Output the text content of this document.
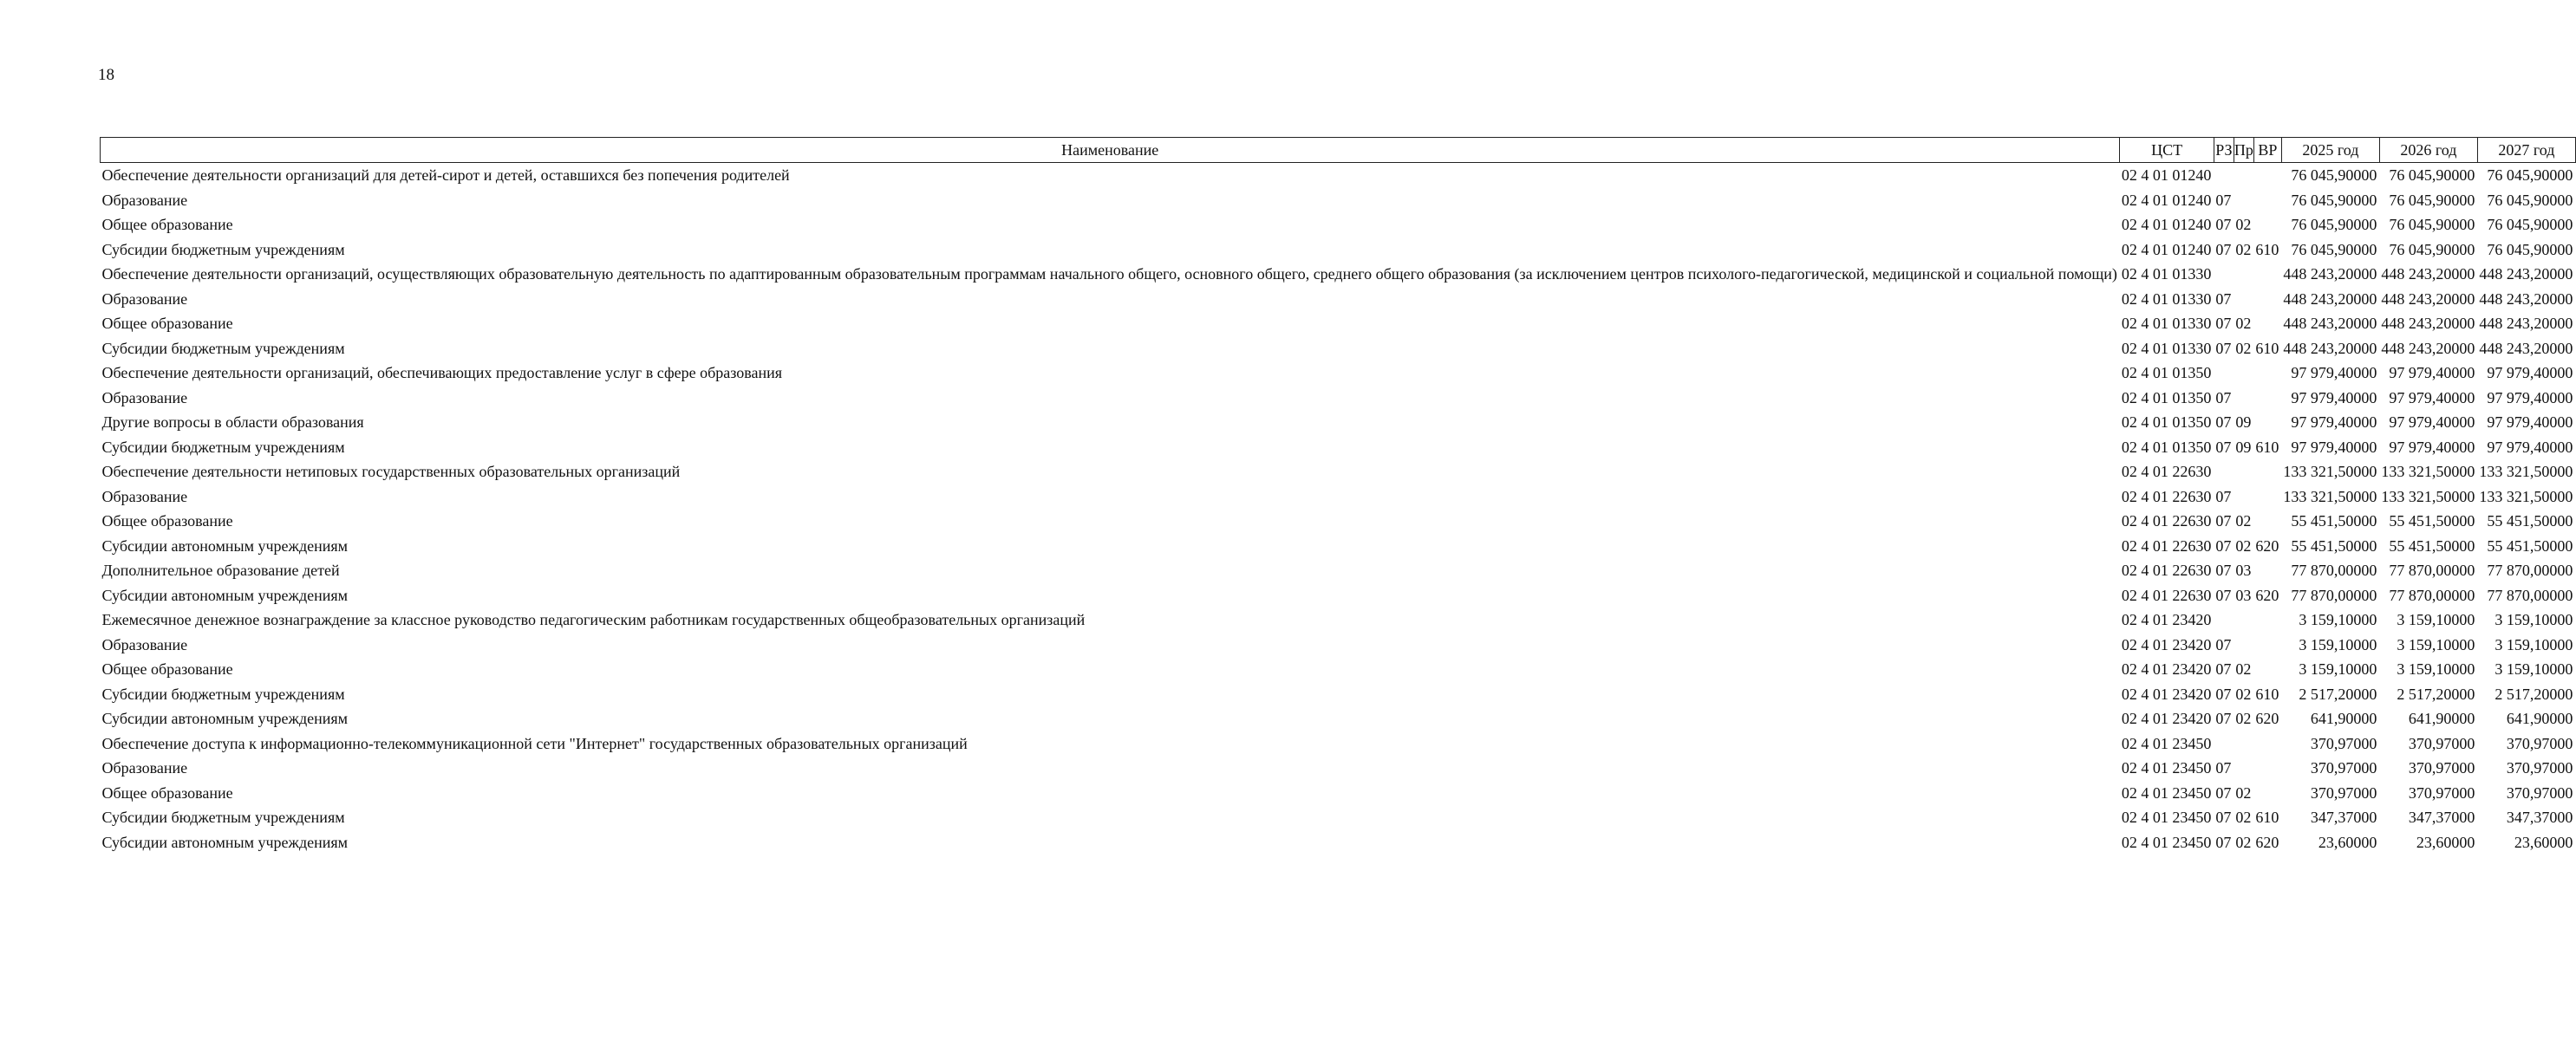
18
Наименование	ЦСТ	РЗ	Пр	ВР	2025 год	2026 год	2027 год
Обеспечение деятельности организаций для детей-сирот и детей, оставшихся без попечения родителей	02 4 01 01240				76 045,90000	76 045,90000	76 045,90000
Образование	02 4 01 01240	07			76 045,90000	76 045,90000	76 045,90000
Общее образование	02 4 01 01240	07	02		76 045,90000	76 045,90000	76 045,90000
Субсидии бюджетным учреждениям	02 4 01 01240	07	02	610	76 045,90000	76 045,90000	76 045,90000
Обеспечение деятельности организаций, осуществляющих образовательную деятельность по адаптированным образовательным программам начального общего, основного общего, среднего общего образования (за исключением центров психолого-педагогической, медицинской и социальной помощи)	02 4 01 01330				448 243,20000	448 243,20000	448 243,20000
Образование	02 4 01 01330	07			448 243,20000	448 243,20000	448 243,20000
Общее образование	02 4 01 01330	07	02		448 243,20000	448 243,20000	448 243,20000
Субсидии бюджетным учреждениям	02 4 01 01330	07	02	610	448 243,20000	448 243,20000	448 243,20000
Обеспечение деятельности организаций, обеспечивающих предоставление услуг в сфере образования	02 4 01 01350				97 979,40000	97 979,40000	97 979,40000
Образование	02 4 01 01350	07			97 979,40000	97 979,40000	97 979,40000
Другие вопросы в области образования	02 4 01 01350	07	09		97 979,40000	97 979,40000	97 979,40000
Субсидии бюджетным учреждениям	02 4 01 01350	07	09	610	97 979,40000	97 979,40000	97 979,40000
Обеспечение деятельности нетиповых государственных образовательных организаций	02 4 01 22630				133 321,50000	133 321,50000	133 321,50000
Образование	02 4 01 22630	07			133 321,50000	133 321,50000	133 321,50000
Общее образование	02 4 01 22630	07	02		55 451,50000	55 451,50000	55 451,50000
Субсидии автономным учреждениям	02 4 01 22630	07	02	620	55 451,50000	55 451,50000	55 451,50000
Дополнительное образование детей	02 4 01 22630	07	03		77 870,00000	77 870,00000	77 870,00000
Субсидии автономным учреждениям	02 4 01 22630	07	03	620	77 870,00000	77 870,00000	77 870,00000
Ежемесячное денежное вознаграждение за классное руководство педагогическим работникам государственных общеобразовательных организаций	02 4 01 23420				3 159,10000	3 159,10000	3 159,10000
Образование	02 4 01 23420	07			3 159,10000	3 159,10000	3 159,10000
Общее образование	02 4 01 23420	07	02		3 159,10000	3 159,10000	3 159,10000
Субсидии бюджетным учреждениям	02 4 01 23420	07	02	610	2 517,20000	2 517,20000	2 517,20000
Субсидии автономным учреждениям	02 4 01 23420	07	02	620	641,90000	641,90000	641,90000
Обеспечение доступа к информационно-телекоммуникационной сети "Интернет" государственных образовательных организаций	02 4 01 23450				370,97000	370,97000	370,97000
Образование	02 4 01 23450	07			370,97000	370,97000	370,97000
Общее образование	02 4 01 23450	07	02		370,97000	370,97000	370,97000
Субсидии бюджетным учреждениям	02 4 01 23450	07	02	610	347,37000	347,37000	347,37000
Субсидии автономным учреждениям	02 4 01 23450	07	02	620	23,60000	23,60000	23,60000
